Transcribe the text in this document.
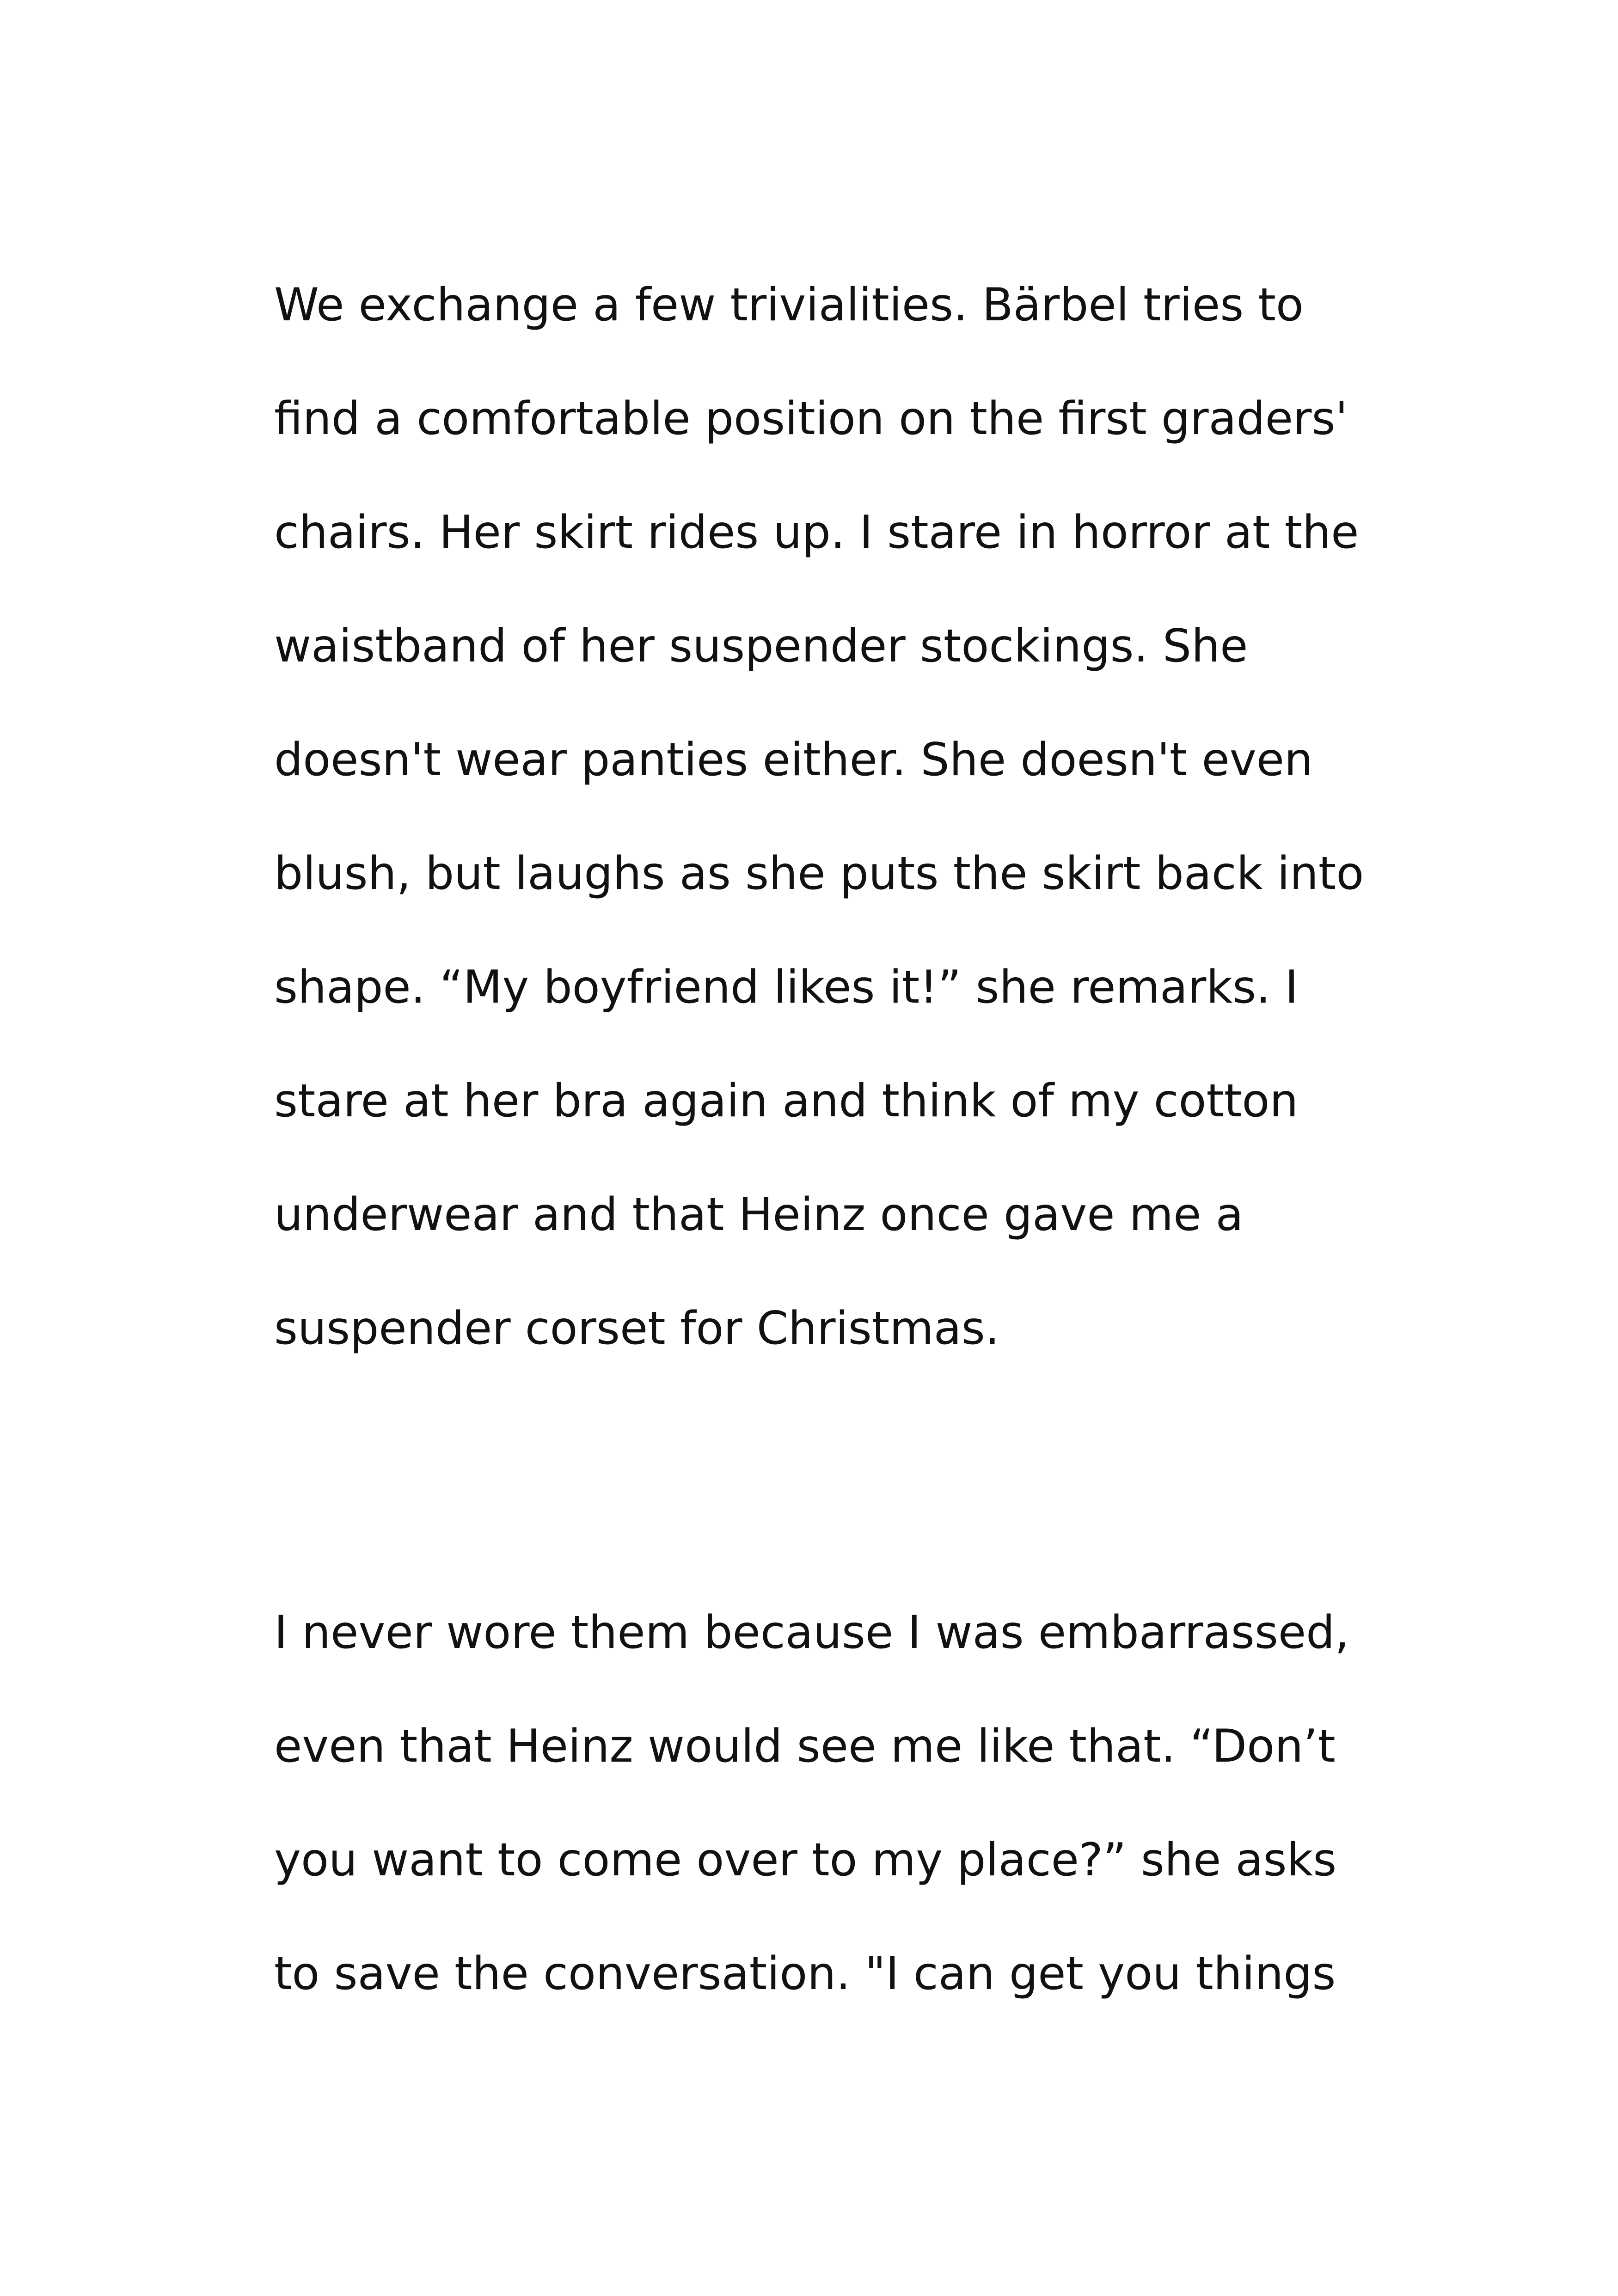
We exchange a few trivialities. Bärbel tries to

find a comfortable position on the first graders'

chairs. Her skirt rides up. I stare in horror at the

waistband of her suspender stockings. She

doesn't wear panties either. She doesn't even

blush, but laughs as she puts the skirt back into

shape. “My boyfriend likes it!” she remarks. I

stare at her bra again and think of my cotton

underwear and that Heinz once gave me a

suspender corset for Christmas.

I never wore them because I was embarrassed,

even that Heinz would see me like that. “Don’t

you want to come over to my place?” she asks

to save the conversation. "I can get you things
